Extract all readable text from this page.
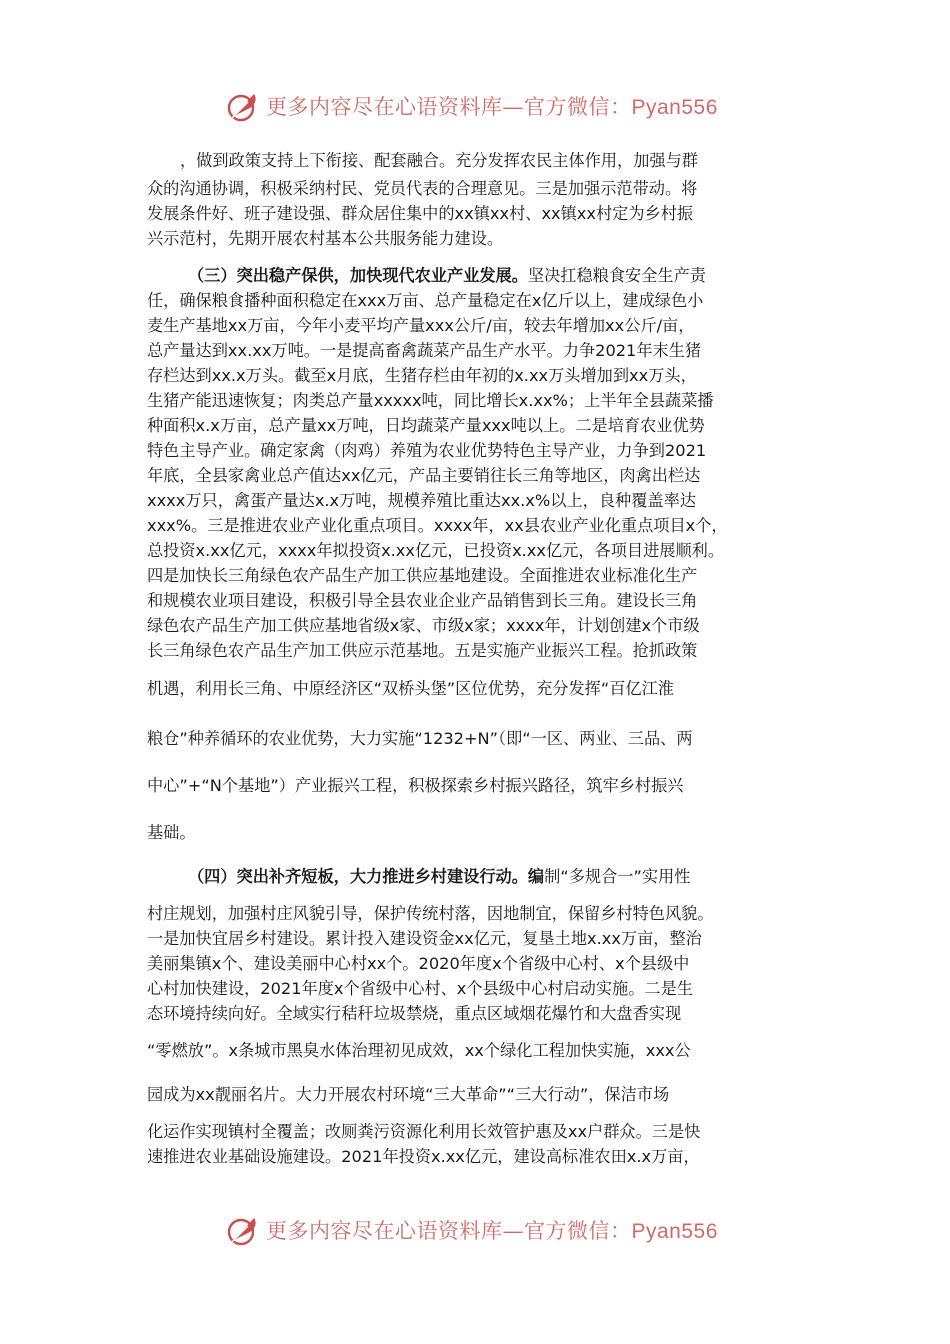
更多内容尽在心语资料库—官方微信：Pyan556
，做到政策支持上下衔接、配套融合。充分发挥农民主体作用，加强与群
众的沟通协调，积极采纳村民、党员代表的合理意见。三是加强示范带动。将
发展条件好、班子建设强、群众居住集中的xx镇xx村、xx镇xx村定为乡村振
兴示范村，先期开展农村基本公共服务能力建设。
（三）突出稳产保供，加快现代农业产业发展。坚决扛稳粮食安全生产责
任，确保粮食播种面积稳定在xxx万亩、总产量稳定在x亿斤以上，建成绿色小
麦生产基地xx万亩，今年小麦平均产量xxx公斤/亩，较去年增加xx公斤/亩，
总产量达到xx.xx万吨。一是提高畜禽蔬菜产品生产水平。力争2021年末生猪
存栏达到xx.x万头。截至x月底，生猪存栏由年初的x.xx万头增加到xx万头，
生猪产能迅速恢复；肉类总产量xxxxx吨，同比增长x.xx%；上半年全县蔬菜播
种面积x.x万亩，总产量xx万吨，日均蔬菜产量xxx吨以上。二是培育农业优势
特色主导产业。确定家禽（肉鸡）养殖为农业优势特色主导产业，力争到2021
年底，全县家禽业总产值达xx亿元，产品主要销往长三角等地区，肉禽出栏达
xxxx万只，禽蛋产量达x.x万吨，规模养殖比重达xx.x%以上，良种覆盖率达
xxx%。三是推进农业产业化重点项目。xxxx年，xx县农业产业化重点项目x个，
总投资x.xx亿元，xxxx年拟投资x.xx亿元，已投资x.xx亿元，各项目进展顺利。
四是加快长三角绿色农产品生产加工供应基地建设。全面推进农业标准化生产
和规模农业项目建设，积极引导全县农业企业产品销售到长三角。建设长三角
绿色农产品生产加工供应基地省级x家、市级x家；xxxx年，计划创建x个市级
长三角绿色农产品生产加工供应示范基地。五是实施产业振兴工程。抢抓政策
机遇，利用长三角、中原经济区“双桥头堡”区位优势，充分发挥“百亿江淮
粮仓”种养循环的农业优势，大力实施“1232+N”（即“一区、两业、三品、两
中心”+“N个基地”）产业振兴工程，积极探索乡村振兴路径，筑牢乡村振兴
基础。
（四）突出补齐短板，大力推进乡村建设行动。编制“多规合一”实用性
村庄规划，加强村庄风貌引导，保护传统村落，因地制宜，保留乡村特色风貌。
一是加快宜居乡村建设。累计投入建设资金xx亿元，复垦土地x.xx万亩，整治
美丽集镇x个、建设美丽中心村xx个。2020年度x个省级中心村、x个县级中
心村加快建设，2021年度x个省级中心村、x个县级中心村启动实施。二是生
态环境持续向好。全域实行秸秆垃圾禁烧，重点区域烟花爆竹和大盘香实现
“零燃放”。x条城市黑臭水体治理初见成效，xx个绿化工程加快实施，xxx公
园成为xx靓丽名片。大力开展农村环境“三大革命”“三大行动”，保洁市场
化运作实现镇村全覆盖；改厕粪污资源化利用长效管护惠及xx户群众。三是快
速推进农业基础设施建设。2021年投资x.xx亿元，建设高标准农田x.x万亩，
更多内容尽在心语资料库—官方微信：Pyan556
